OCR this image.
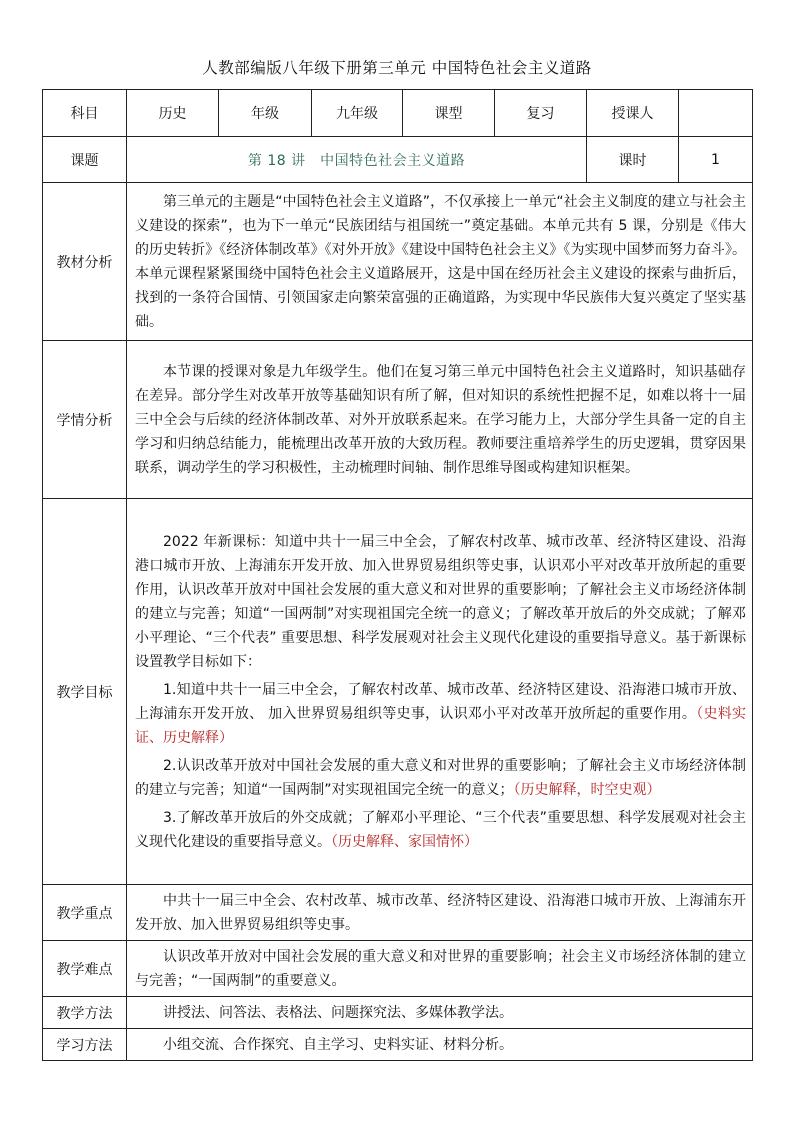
人教部编版八年级下册第三单元 中国特色社会主义道路
科目	历史	年级	九年级	课型	复习	授课人	
课题	第 18 讲　中国特色社会主义道路					课时	1
教材分析	第三单元的主题是“中国特色社会主义道路”，不仅承接上一单元“社会主义制度的建立与社会主义建设的探索”，也为下一单元“民族团结与祖国统一”奠定基础。本单元共有 5 课，分别是《伟大的历史转折》《经济体制改革》《对外开放》《建设中国特色社会主义》《为实现中国梦而努力奋斗》。本单元课程紧紧围绕中国特色社会主义道路展开，这是中国在经历社会主义建设的探索与曲折后，找到的一条符合国情、引领国家走向繁荣富强的正确道路，为实现中华民族伟大复兴奠定了坚实基础。						

学情分析	本节课的授课对象是九年级学生。他们在复习第三单元中国特色社会主义道路时，知识基础存在差异。部分学生对改革开放等基础知识有所了解，但对知识的系统性把握不足，如难以将十一届三中全会与后续的经济体制改革、对外开放联系起来。在学习能力上，大部分学生具备一定的自主学习和归纳总结能力，能梳理出改革开放的大致历程。教师要注重培养学生的历史逻辑，贯穿因果联系，调动学生的学习积极性，主动梳理时间轴、制作思维导图或构建知识框架。						

教学目标	2022 年新课标：知道中共十一届三中全会，了解农村改革、城市改革、经济特区建设、沿海港口城市开放、上海浦东开发开放、加入世界贸易组织等史事，认识邓小平对改革开放所起的重要作用，认识改革开放对中国社会发展的重大意义和对世界的重要影响；了解社会主义市场经济体制的建立与完善；知道“一国两制”对实现祖国完全统一的意义；了解改革开放后的外交成就；了解邓小平理论、“三个代表” 重要思想、科学发展观对社会主义现代化建设的重要指导意义。基于新课标设置教学目标如下：

1.知道中共十一届三中全会，了解农村改革、城市改革、经济特区建设、沿海港口城市开放、上海浦东开发开放、 加入世界贸易组织等史事，认识邓小平对改革开放所起的重要作用。（史料实证、历史解释）

2.认识改革开放对中国社会发展的重大意义和对世界的重要影响；了解社会主义市场经济体制的建立与完善；知道“一国两制”对实现祖国完全统一的意义；（历史解释，时空史观）

3.了解改革开放后的外交成就；了解邓小平理论、“三个代表”重要思想、科学发展观对社会主义现代化建设的重要指导意义。（历史解释、家国情怀）						

教学重点	中共十一届三中全会、农村改革、城市改革、经济特区建设、沿海港口城市开放、上海浦东开发开放、加入世界贸易组织等史事。						

教学难点	认识改革开放对中国社会发展的重大意义和对世界的重要影响；社会主义市场经济体制的建立与完善；“一国两制”的重要意义。						

教学方法	讲授法、问答法、表格法、问题探究法、多媒体教学法。						

学习方法	小组交流、合作探究、自主学习、史料实证、材料分析。						
